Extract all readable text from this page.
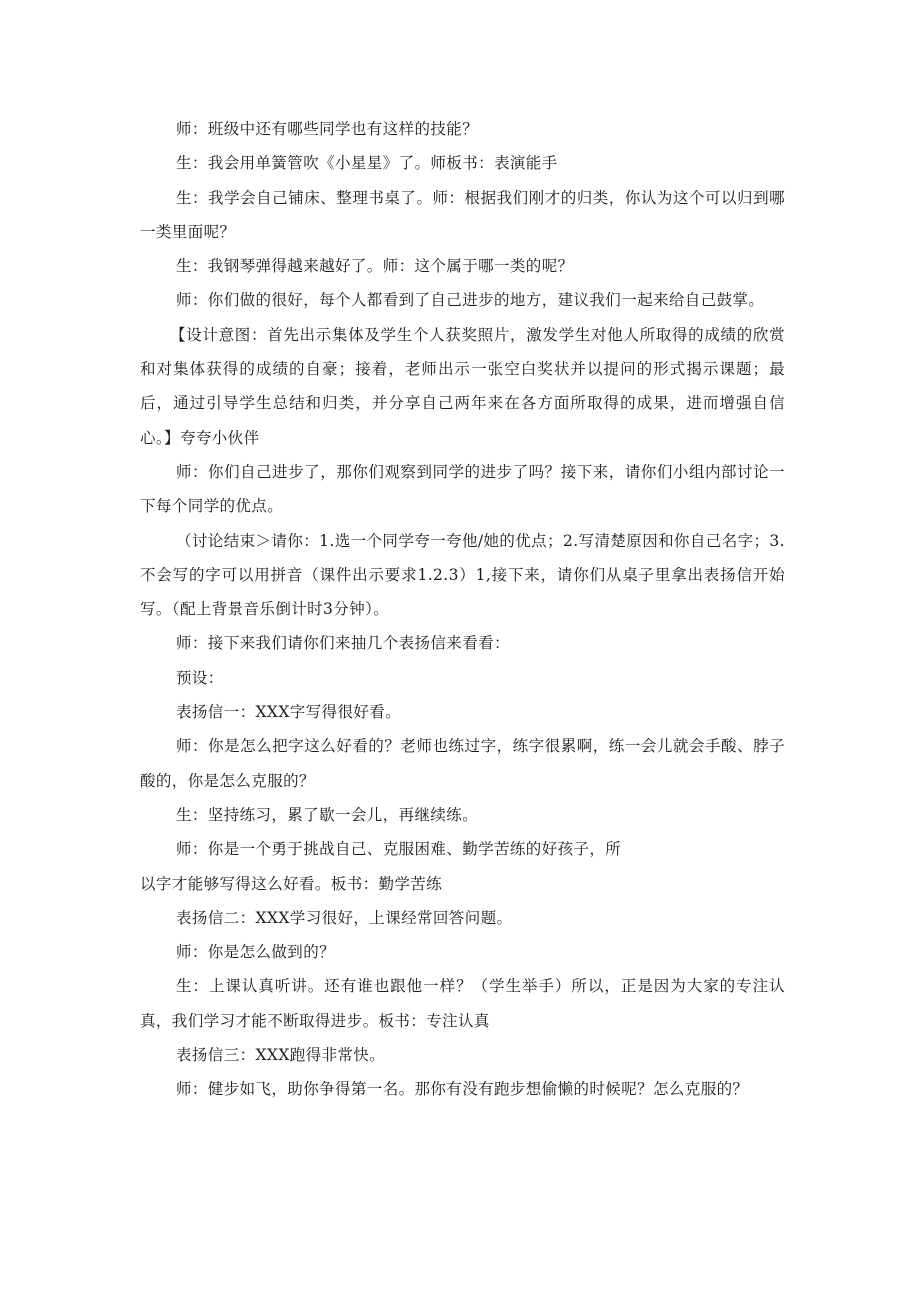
师：班级中还有哪些同学也有这样的技能？

生：我会用单簧管吹《小星星》了。师板书：表演能手

生：我学会自己铺床、整理书桌了。师：根据我们刚才的归类，你认为这个可以归到哪一类里面呢？

生：我钢琴弹得越来越好了。师：这个属于哪一类的呢？

师：你们做的很好，每个人都看到了自己进步的地方，建议我们一起来给自己鼓掌。

【设计意图：首先出示集体及学生个人获奖照片，激发学生对他人所取得的成绩的欣赏和对集体获得的成绩的自豪；接着，老师出示一张空白奖状并以提问的形式揭示课题；最后，通过引导学生总结和归类，并分享自己两年来在各方面所取得的成果，进而增强自信心。】夸夸小伙伴

师：你们自己进步了，那你们观察到同学的进步了吗？接下来，请你们小组内部讨论一下每个同学的优点。

（讨论结束＞请你：1.选一个同学夸一夸他/她的优点；2.写清楚原因和你自己名字；3.不会写的字可以用拼音（课件出示要求1.2.3）1,接下来，请你们从桌子里拿出表扬信开始写。（配上背景音乐倒计时3分钟）。

师：接下来我们请你们来抽几个表扬信来看看：

预设：

表扬信一：XXX字写得很好看。

师：你是怎么把字这么好看的？老师也练过字，练字很累啊，练一会儿就会手酸、脖子酸的，你是怎么克服的？

生：坚持练习，累了歇一会儿，再继续练。

师：你是一个勇于挑战自己、克服困难、勤学苦练的好孩子，所

以字才能够写得这么好看。板书：勤学苦练

表扬信二：XXX学习很好，上课经常回答问题。

师：你是怎么做到的？

生：上课认真听讲。还有谁也跟他一样？（学生举手）所以，正是因为大家的专注认真，我们学习才能不断取得进步。板书：专注认真

表扬信三：XXX跑得非常快。

师：健步如飞，助你争得第一名。那你有没有跑步想偷懒的时候呢？怎么克服的？
